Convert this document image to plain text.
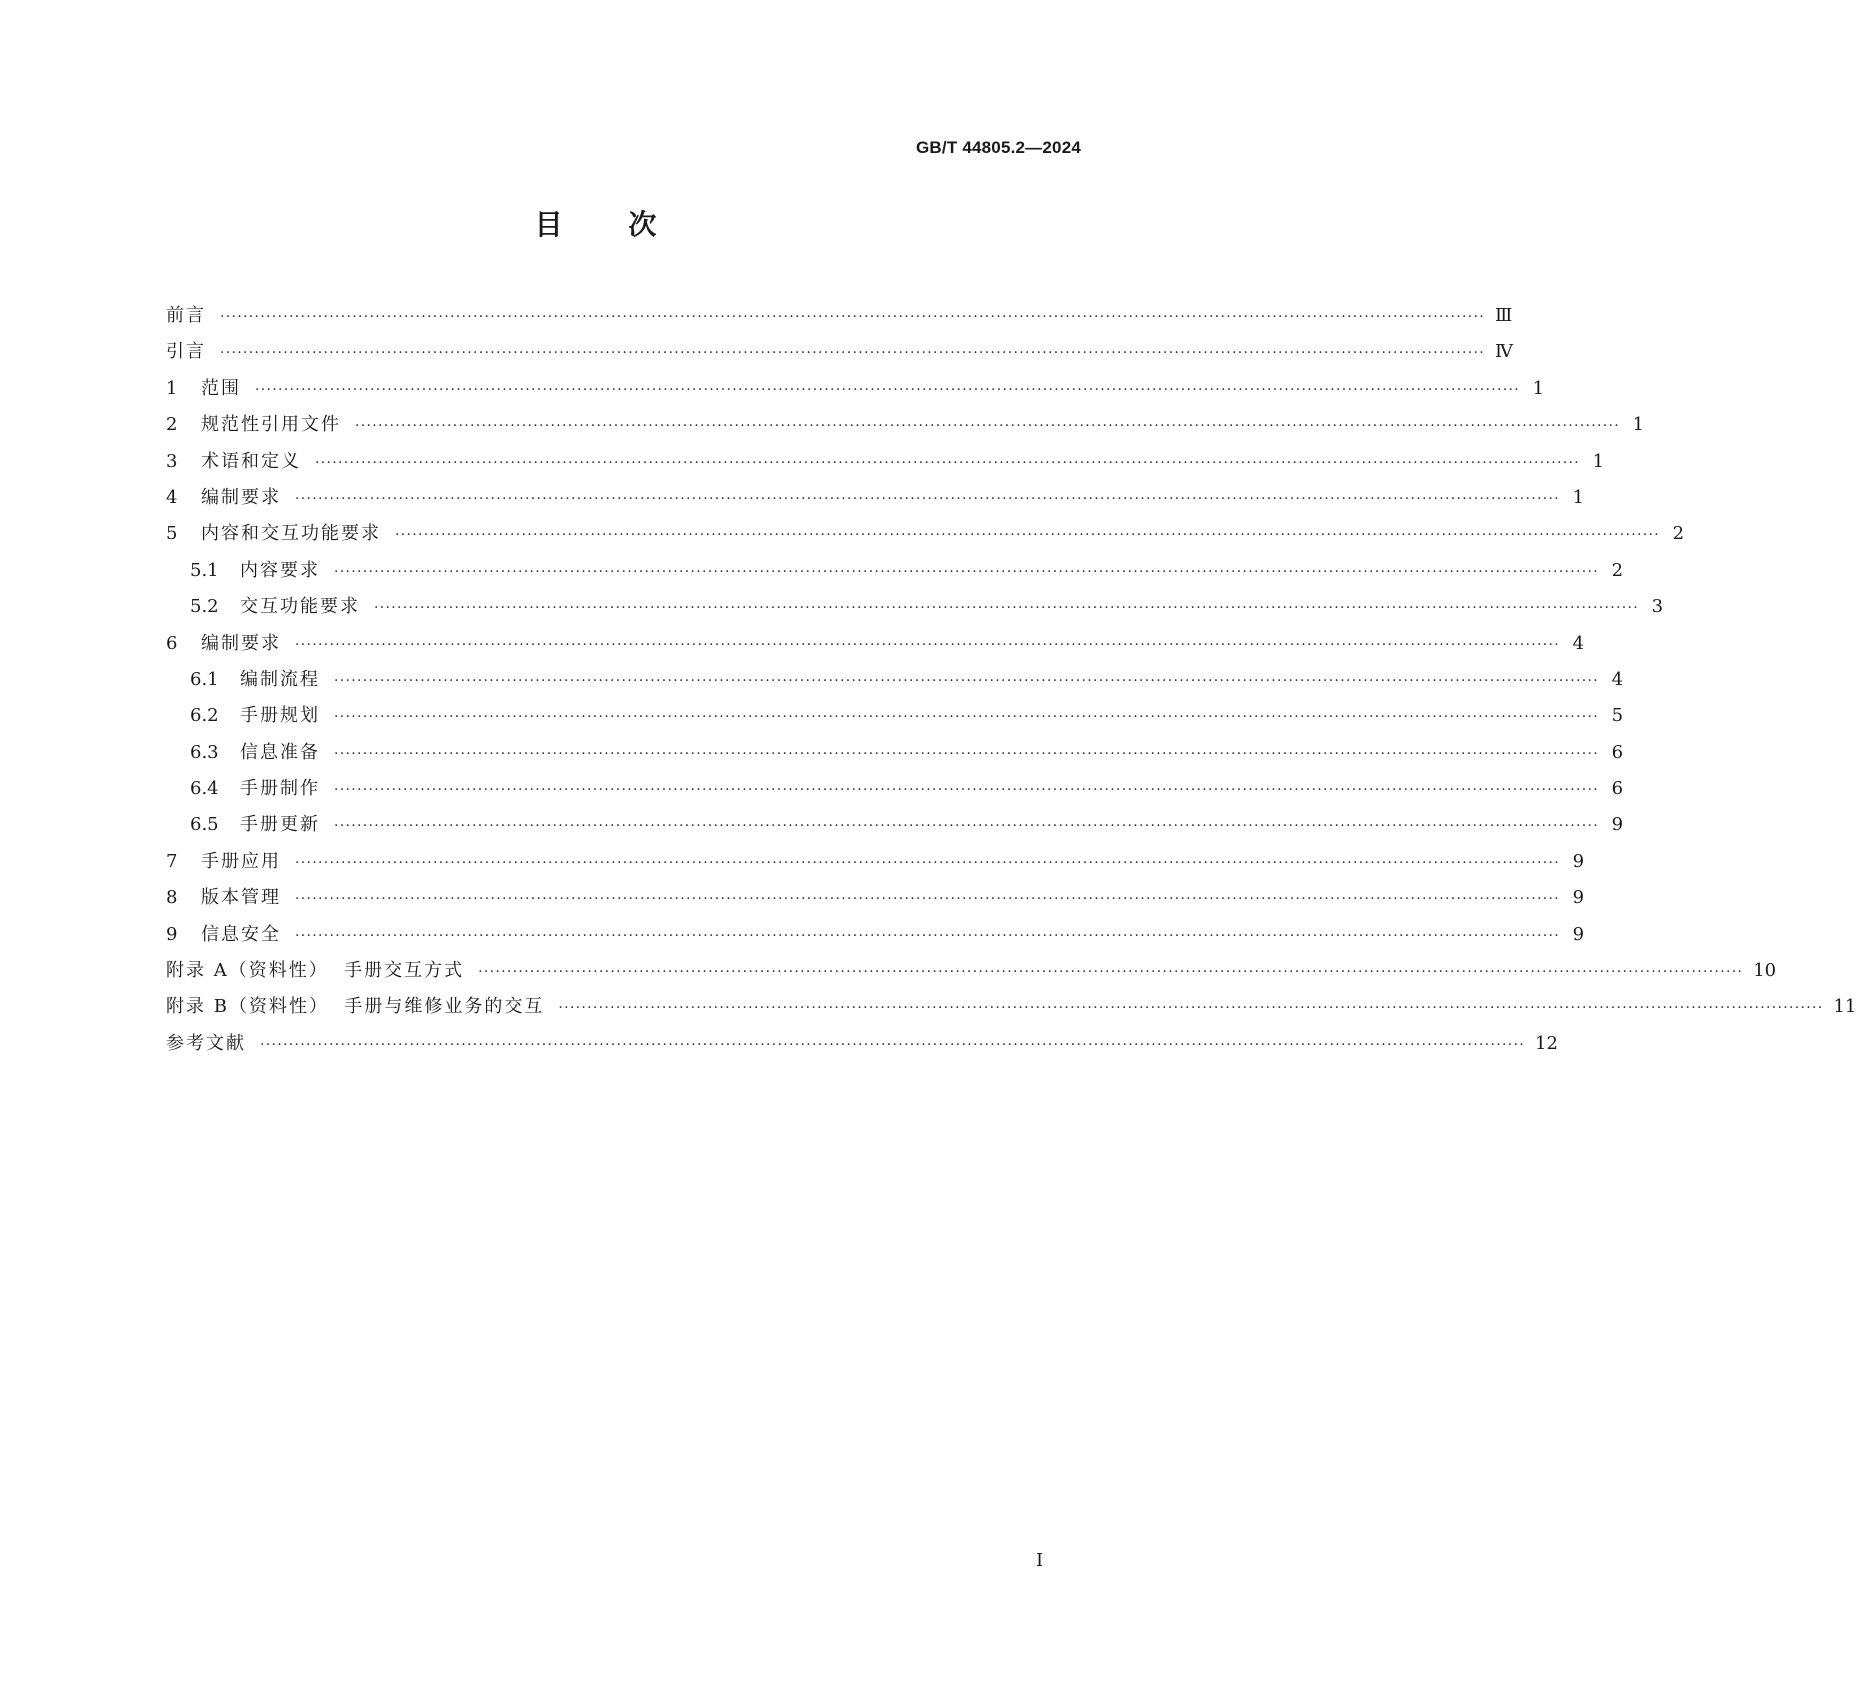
GB/T 44805.2—2024
目 次
前言 ···························································································································································································································· Ⅲ
引言 ···························································································································································································································· Ⅳ
1	范围 ···························································································································································································································· 1
2	规范性引用文件 ···························································································································································································································· 1
3	术语和定义 ···························································································································································································································· 1
4	编制要求 ···························································································································································································································· 1
5	内容和交互功能要求 ···························································································································································································································· 2
5.1	内容要求 ···························································································································································································································· 2
5.2	交互功能要求 ···························································································································································································································· 3
6	编制要求 ···························································································································································································································· 4
6.1	编制流程 ···························································································································································································································· 4
6.2	手册规划 ···························································································································································································································· 5
6.3	信息准备 ···························································································································································································································· 6
6.4	手册制作 ···························································································································································································································· 6
6.5	手册更新 ···························································································································································································································· 9
7	手册应用 ···························································································································································································································· 9
8	版本管理 ···························································································································································································································· 9
9	信息安全 ···························································································································································································································· 9
附录 A（资料性）  手册交互方式 ···························································································································································································································· 10
附录 B（资料性）  手册与维修业务的交互 ···························································································································································································································· 11
参考文献 ···························································································································································································································· 12
Ⅰ
